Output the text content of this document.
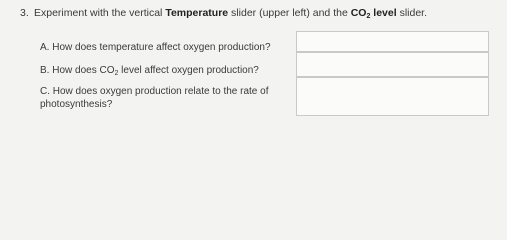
3. Experiment with the vertical Temperature slider (upper left) and the $CO_2$ level slider.
A. How does temperature affect oxygen production?
B. How does $CO_2$ level affect oxygen production?
C. How does oxygen production relate to the rate of
photosynthesis?
